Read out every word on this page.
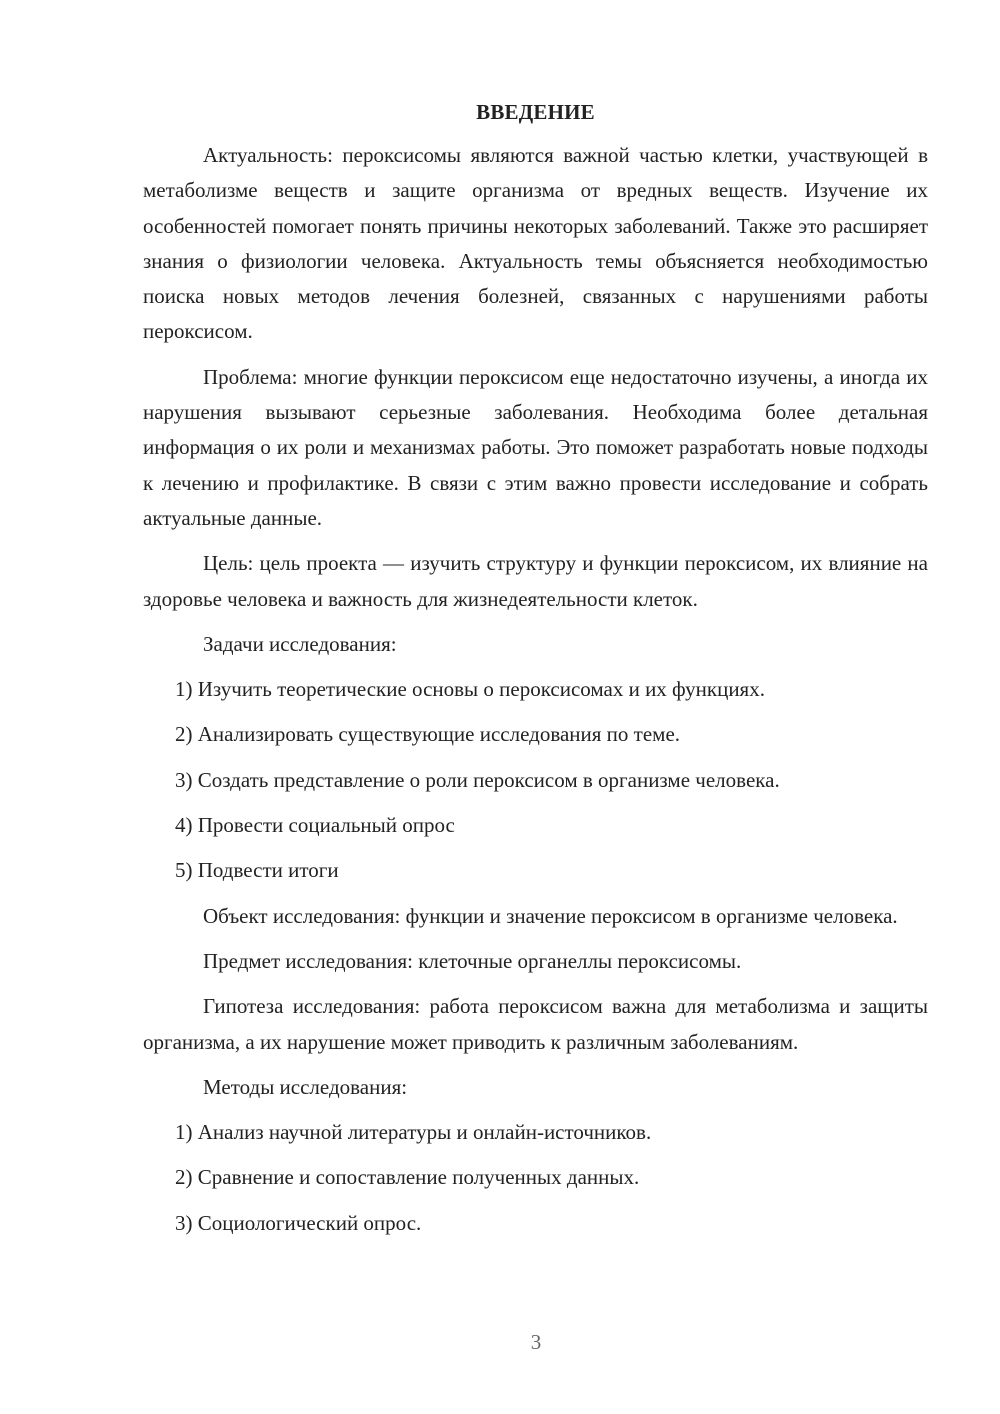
ВВЕДЕНИЕ

Актуальность: пероксисомы являются важной частью клетки, участвующей в метаболизме веществ и защите организма от вредных веществ. Изучение их особенностей помогает понять причины некоторых заболеваний. Также это расширяет знания о физиологии человека. Актуальность темы объясняется необходимостью поиска новых методов лечения болезней, связанных с нарушениями работы пероксисом.

Проблема: многие функции пероксисом еще недостаточно изучены, а иногда их нарушения вызывают серьезные заболевания. Необходима более детальная информация о их роли и механизмах работы. Это поможет разработать новые подходы к лечению и профилактике. В связи с этим важно провести исследование и собрать актуальные данные.

Цель: цель проекта — изучить структуру и функции пероксисом, их влияние на здоровье человека и важность для жизнедеятельности клеток.

Задачи исследования:

1) Изучить теоретические основы о пероксисомах и их функциях.
2) Анализировать существующие исследования по теме.
3) Создать представление о роли пероксисом в организме человека.
4) Провести социальный опрос
5) Подвести итоги

Объект исследования: функции и значение пероксисом в организме человека.

Предмет исследования: клеточные органеллы пероксисомы.

Гипотеза исследования: работа пероксисом важна для метаболизма и защиты организма, а их нарушение может приводить к различным заболеваниям.

Методы исследования:

1) Анализ научной литературы и онлайн-источников.
2) Сравнение и сопоставление полученных данных.
3) Социологический опрос.
3
